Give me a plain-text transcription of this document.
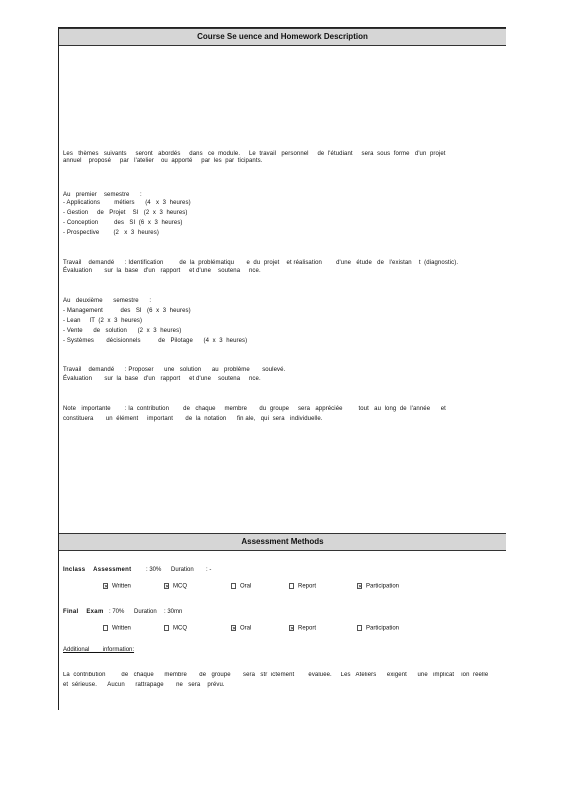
Course Se uence and Homework Description
Les   thèmes   suivants     seront   abordés     dans   ce  module.     Le  travail   personnel     de  l'étudiant     sera  sous  forme   d'un  projet
annuel    proposé     par   l'atelier    ou  apporté     par  les  par  ticipants.
Au   premier    semestre      :
- Applications        métiers      (4   x  3  heures)
- Gestion     de   Projet    SI   (2  x  3  heures)
- Conception         des   SI  (6  x  3  heures)
- Prospective        (2   x  3  heures)
Travail    demandé      : Identification         de  la  problématiqu       e  du  projet    et réalisation        d'une   étude   de   l'existan    t  (diagnostic).
Évaluation       sur  la  base   d'un   rapport     et d'une    soutena     nce.
Au   deuxième      semestre      :
- Management          des   SI   (6  x  3  heures)
- Lean     IT  (2  x  3  heures)
- Vente      de   solution      (2  x  3  heures)
- Systèmes       décisionnels          de   Pilotage      (4  x  3  heures)
Travail    demandé      : Proposer      une   solution      au   problème       soulevé.
Évaluation       sur  la  base   d'un   rapport     et d'une    soutena     nce.
Note   importante        : la  contribution        de   chaque     membre       du  groupe     sera   appréciée         tout   au  long  de  l'année      et
constituera       un  élément     important       de  la  notation      fin ale,   qui  sera   individuelle.
Assessment Methods
Inclass    Assessment : 30% Duration : -
✕ Written	✕ MCQ	Oral	Report	✕ Participation
Final    Exam : 70% Duration : 30mn
Written	MCQ	✕ Oral	✕ Report	Participation
Additional        information:
La  contribution         de   chaque      membre       de   groupe       sera   str  ictement        évaluée.     Les   Ateliers      exigent      une   implicat    ion  réelle
et  sérieuse.      Aucun      rattrapage       ne   sera    prévu.
